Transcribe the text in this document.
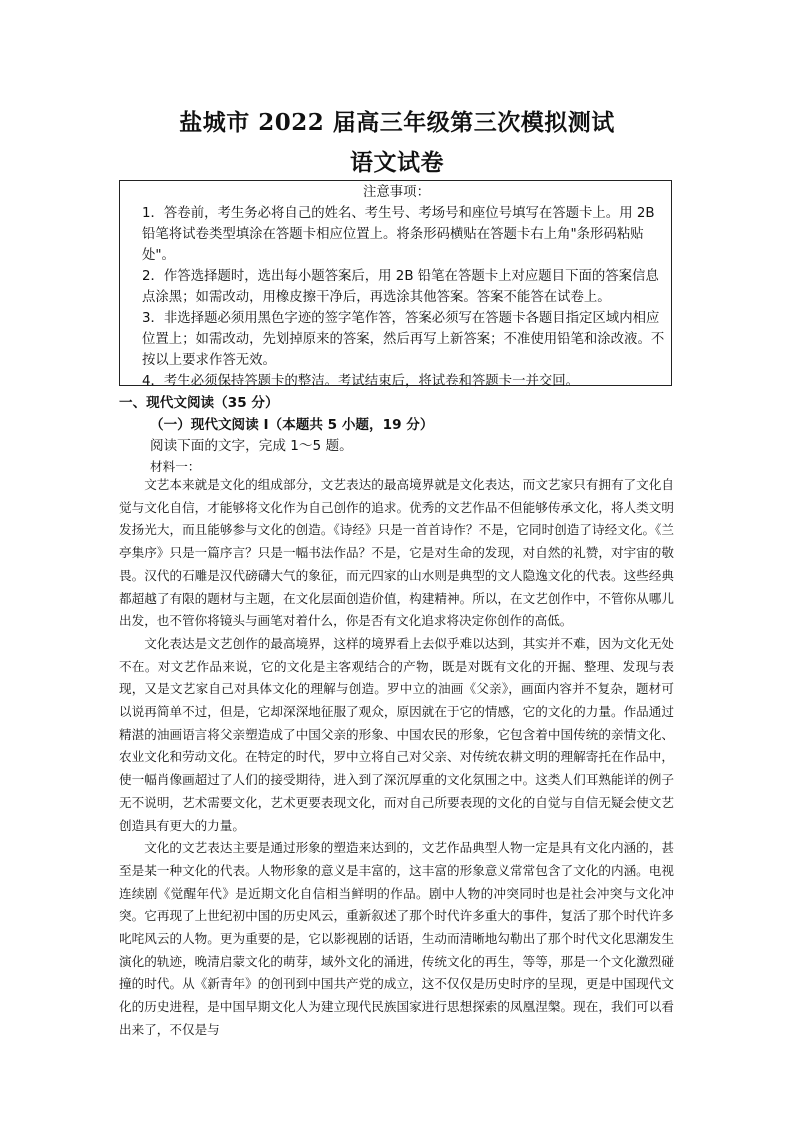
盐城市 2022 届高三年级第三次模拟测试
语文试卷
注意事项：

1．答卷前，考生务必将自己的姓名、考生号、考场号和座位号填写在答题卡上。用 2B 铅笔将试卷类型填涂在答题卡相应位置上。将条形码横贴在答题卡右上角"条形码粘贴处"。

2．作答选择题时，选出每小题答案后，用 2B 铅笔在答题卡上对应题目下面的答案信息点涂黑；如需改动，用橡皮擦干净后，再选涂其他答案。答案不能答在试卷上。

3．非选择题必须用黑色字迹的签字笔作答，答案必须写在答题卡各题目指定区域内相应位置上；如需改动，先划掉原来的答案，然后再写上新答案；不准使用铅笔和涂改液。不按以上要求作答无效。

4．考生必须保持答题卡的整洁。考试结束后，将试卷和答题卡一并交回。

一、现代文阅读（35 分）
（一）现代文阅读 I（本题共 5 小题，19 分）
阅读下面的文字，完成 1～5 题。
材料一：

文艺本来就是文化的组成部分，文艺表达的最高境界就是文化表达，而文艺家只有拥有了文化自觉与文化自信，才能够将文化作为自己创作的追求。优秀的文艺作品不但能够传承文化，将人类文明发扬光大，而且能够参与文化的创造。《诗经》只是一首首诗作？不是，它同时创造了诗经文化。《兰亭集序》只是一篇序言？只是一幅书法作品？不是，它是对生命的发现，对自然的礼赞，对宇宙的敬畏。汉代的石雕是汉代磅礴大气的象征，而元四家的山水则是典型的文人隐逸文化的代表。这些经典都超越了有限的题材与主题，在文化层面创造价值，构建精神。所以，在文艺创作中，不管你从哪儿出发，也不管你将镜头与画笔对着什么，你是否有文化追求将决定你创作的高低。

文化表达是文艺创作的最高境界，这样的境界看上去似乎难以达到，其实并不难，因为文化无处不在。对文艺作品来说，它的文化是主客观结合的产物，既是对既有文化的开掘、整理、发现与表现，又是文艺家自己对具体文化的理解与创造。罗中立的油画《父亲》，画面内容并不复杂，题材可以说再简单不过，但是，它却深深地征服了观众，原因就在于它的情感，它的文化的力量。作品通过精湛的油画语言将父亲塑造成了中国父亲的形象、中国农民的形象，它包含着中国传统的亲情文化、农业文化和劳动文化。在特定的时代，罗中立将自己对父亲、对传统农耕文明的理解寄托在作品中，使一幅肖像画超过了人们的接受期待，进入到了深沉厚重的文化氛围之中。这类人们耳熟能详的例子无不说明，艺术需要文化，艺术更要表现文化，而对自己所要表现的文化的自觉与自信无疑会使文艺创造具有更大的力量。

文化的文艺表达主要是通过形象的塑造来达到的，文艺作品典型人物一定是具有文化内涵的，甚至是某一种文化的代表。人物形象的意义是丰富的，这丰富的形象意义常常包含了文化的内涵。电视连续剧《觉醒年代》是近期文化自信相当鲜明的作品。剧中人物的冲突同时也是社会冲突与文化冲突。它再现了上世纪初中国的历史风云，重新叙述了那个时代许多重大的事件，复活了那个时代许多叱咤风云的人物。更为重要的是，它以影视剧的话语，生动而清晰地勾勒出了那个时代文化思潮发生演化的轨迹，晚清启蒙文化的萌芽，域外文化的涌进，传统文化的再生，等等，那是一个文化激烈碰撞的时代。从《新青年》的创刊到中国共产党的成立，这不仅仅是历史时序的呈现，更是中国现代文化的历史进程，是中国早期文化人为建立现代民族国家进行思想探索的凤凰涅槃。现在，我们可以看出来了，不仅是与
